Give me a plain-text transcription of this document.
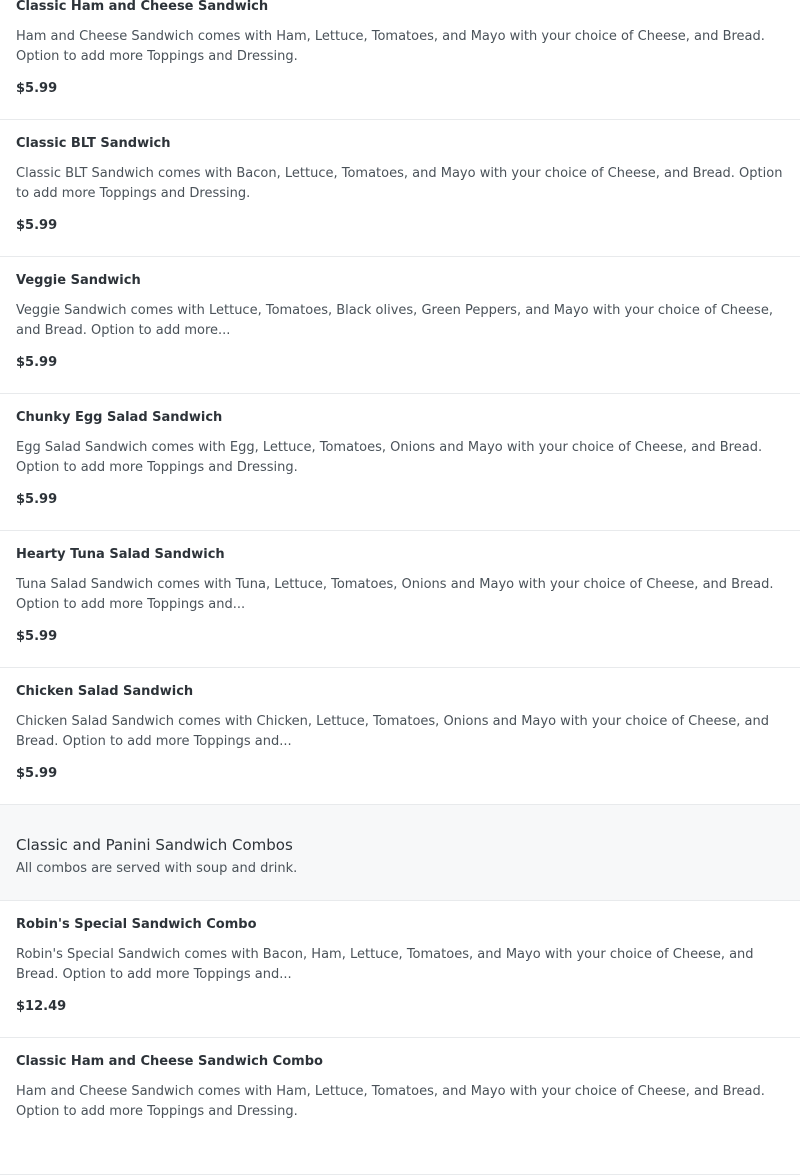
Classic Ham and Cheese Sandwich
Ham and Cheese Sandwich comes with Ham, Lettuce, Tomatoes, and Mayo with your choice of Cheese, and Bread. Option to add more Toppings and Dressing.
$5.99
Classic BLT Sandwich
Classic BLT Sandwich comes with Bacon, Lettuce, Tomatoes, and Mayo with your choice of Cheese, and Bread. Option to add more Toppings and Dressing.
$5.99
Veggie Sandwich
Veggie Sandwich comes with Lettuce, Tomatoes, Black olives, Green Peppers, and Mayo with your choice of Cheese, and Bread. Option to add more...
$5.99
Chunky Egg Salad Sandwich
Egg Salad Sandwich comes with Egg, Lettuce, Tomatoes, Onions and Mayo with your choice of Cheese, and Bread. Option to add more Toppings and Dressing.
$5.99
Hearty Tuna Salad Sandwich
Tuna Salad Sandwich comes with Tuna, Lettuce, Tomatoes, Onions and Mayo with your choice of Cheese, and Bread. Option to add more Toppings and...
$5.99
Chicken Salad Sandwich
Chicken Salad Sandwich comes with Chicken, Lettuce, Tomatoes, Onions and Mayo with your choice of Cheese, and Bread. Option to add more Toppings and...
$5.99
Classic and Panini Sandwich Combos
All combos are served with soup and drink.
Robin's Special Sandwich Combo
Robin's Special Sandwich comes with Bacon, Ham, Lettuce, Tomatoes, and Mayo with your choice of Cheese, and Bread. Option to add more Toppings and...
$12.49
Classic Ham and Cheese Sandwich Combo
Ham and Cheese Sandwich comes with Ham, Lettuce, Tomatoes, and Mayo with your choice of Cheese, and Bread. Option to add more Toppings and Dressing.
